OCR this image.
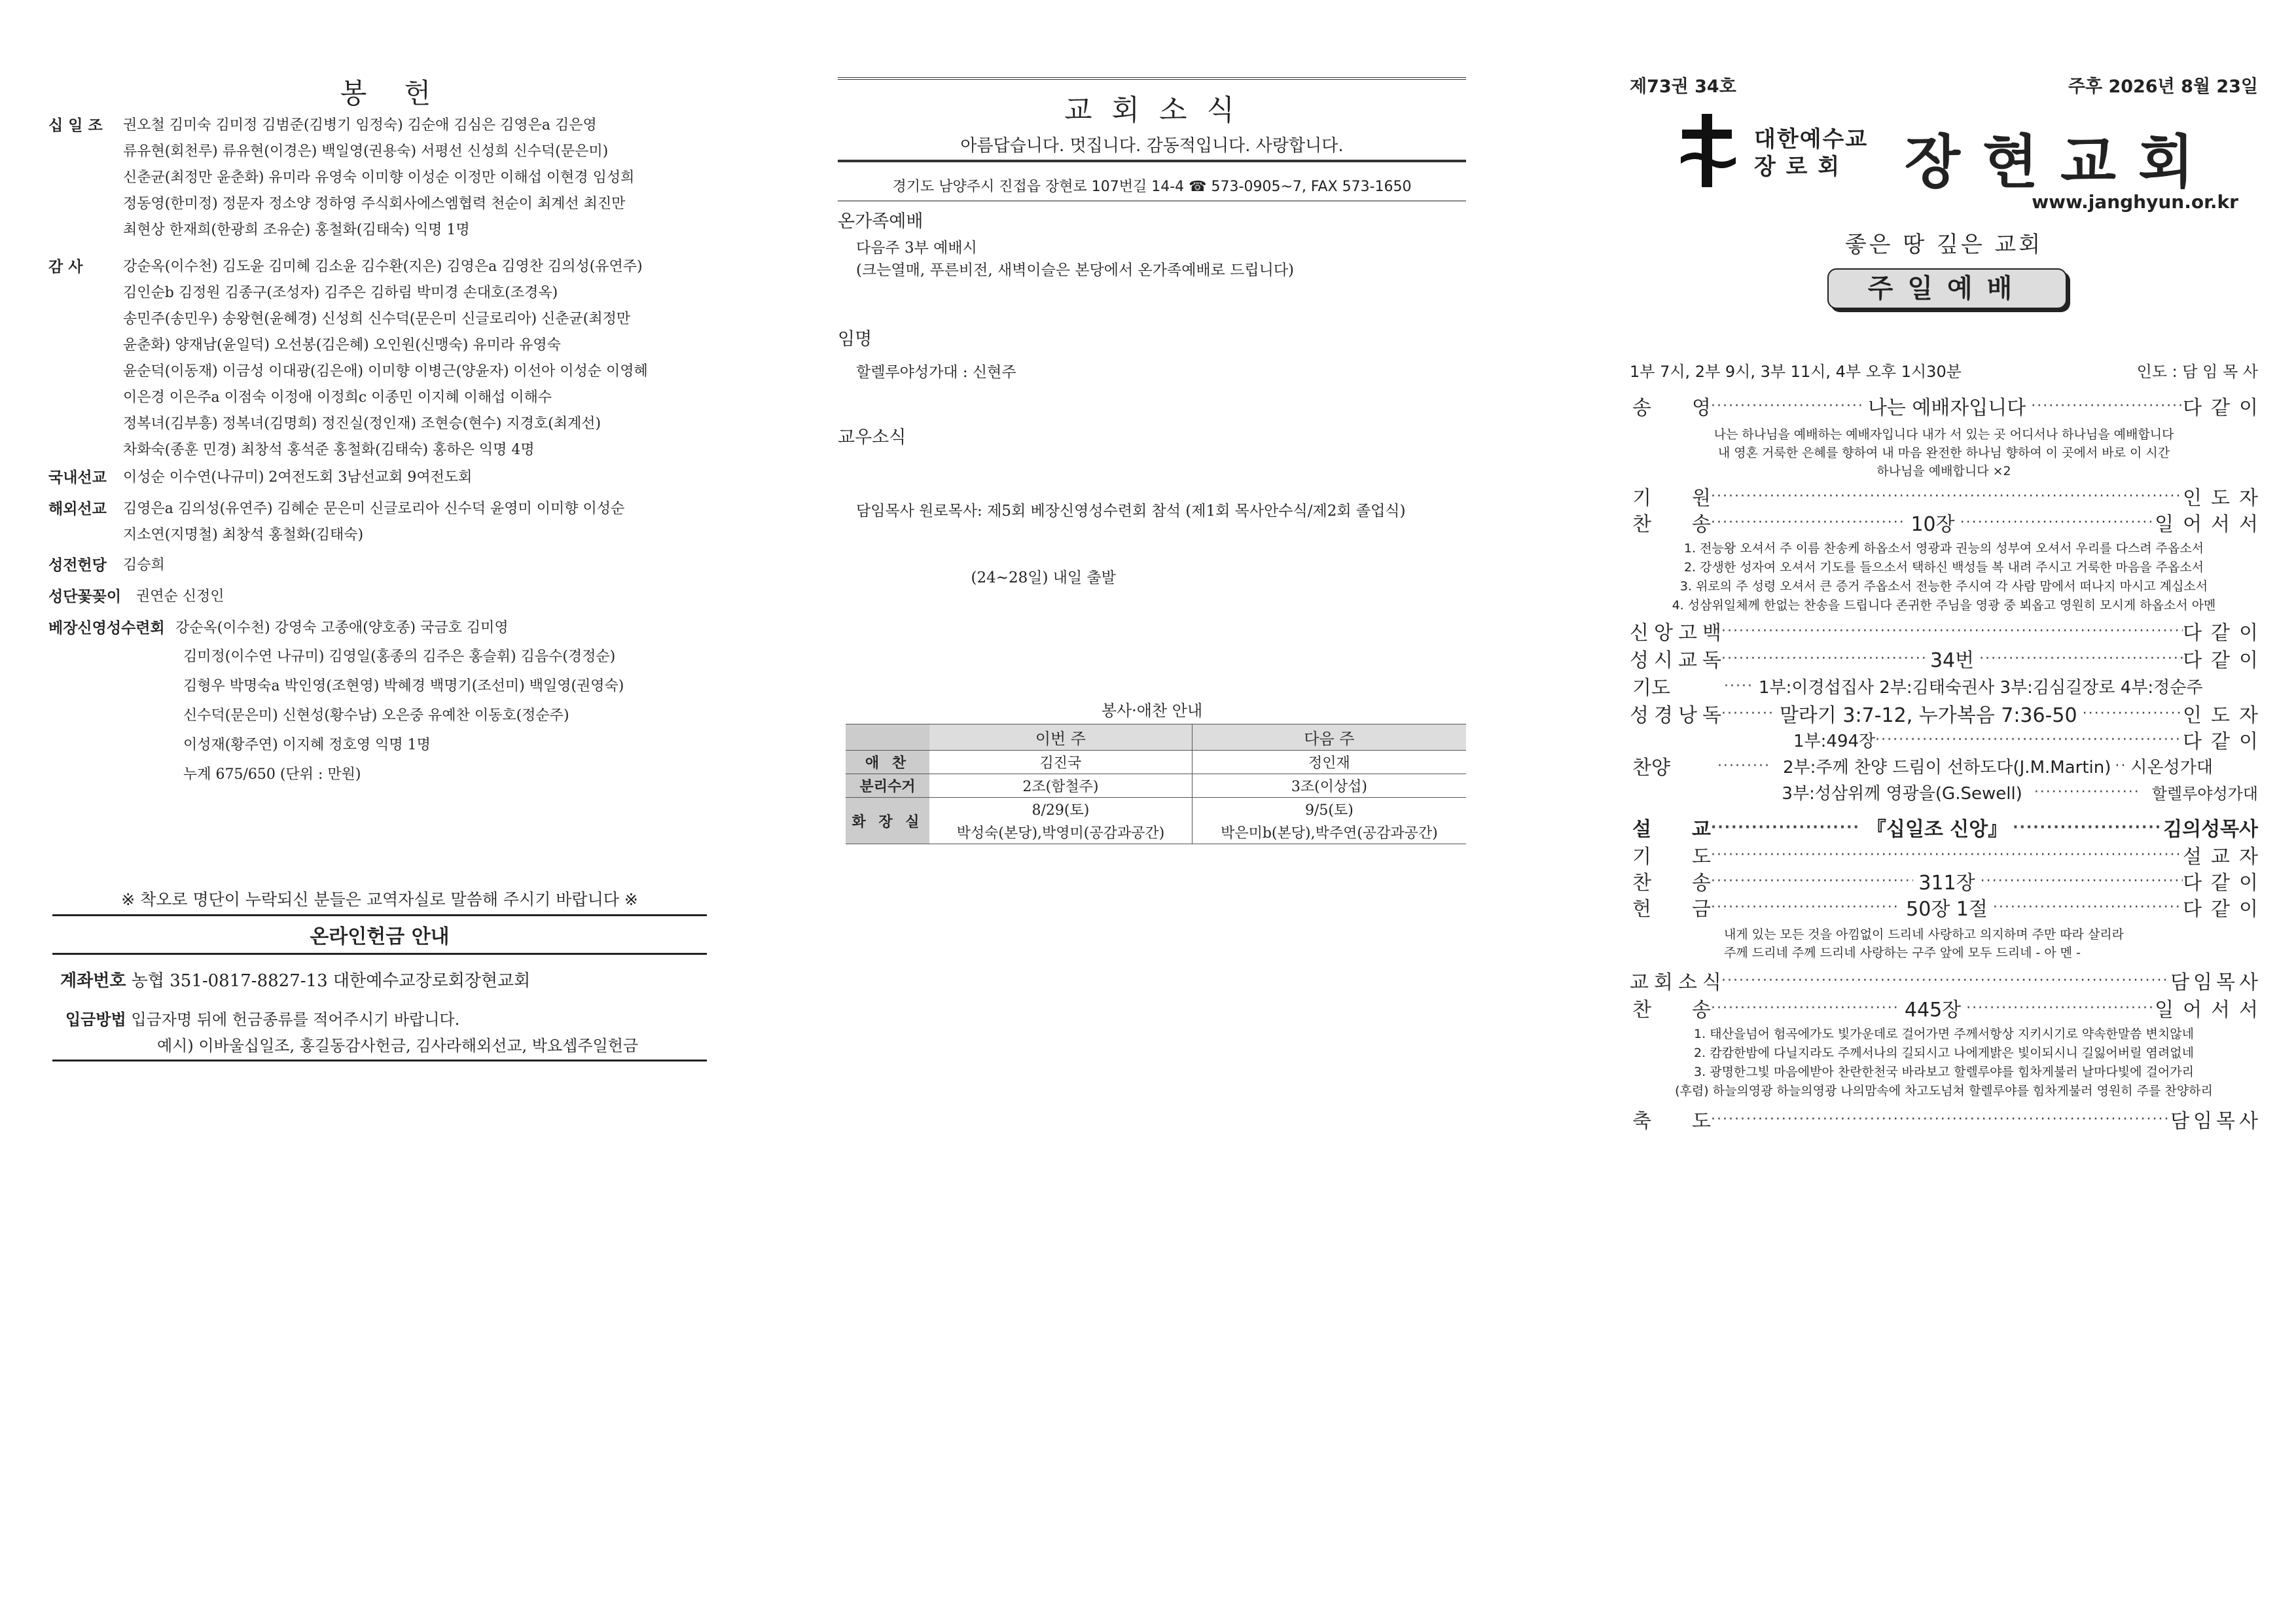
봉 헌
십 일 조 권오철 김미숙 김미정 김범준(김병기 임정숙) 김순애 김심은 김영은a 김은영
류유현(회천루) 류유현(이경은) 백일영(권용숙) 서평선 신성희 신수덕(문은미)
신춘균(최정만 윤춘화) 유미라 유영숙 이미향 이성순 이정만 이해섭 이현경 임성희
정동영(한미정) 정문자 정소양 정하영 주식회사에스엠협력 천순이 최계선 최진만
최현상 한재희(한광희 조유순) 홍철화(김태숙) 익명 1명
감 사	강순옥(이수천) 김도윤 김미혜 김소윤 김수환(지은) 김영은a 김영찬 김의성(유연주)
김인순b 김정원 김종구(조성자) 김주은 김하림 박미경 손대호(조경옥)
송민주(송민우) 송왕현(윤혜경) 신성희 신수덕(문은미 신글로리아) 신춘균(최정만
윤춘화) 양재남(윤일덕) 오선봉(김은혜) 오인원(신맹숙) 유미라 유영숙
윤순덕(이동재) 이금성 이대광(김은애) 이미향 이병근(양윤자) 이선아 이성순 이영혜
이은경 이은주a 이점숙 이정애 이정희c 이종민 이지혜 이해섭 이해수
정복녀(김부흥) 정복녀(김명희) 정진실(정인재) 조현승(현수) 지경호(최계선)
차화숙(종훈 민경) 최창석 홍석준 홍철화(김태숙) 홍하은 익명 4명
국내선교 이성순 이수연(나규미) 2여전도회 3남선교회 9여전도회
해외선교 김영은a 김의성(유연주) 김혜순 문은미 신글로리아 신수덕 윤영미 이미향 이성순
지소연(지명철) 최창석 홍철화(김태숙)
성전헌당 김승희
성단꽃꽂이 권연순 신정인
베장신영성수련회 강순옥(이수천) 강영숙 고종애(양호종) 국금호 김미영
김미정(이수연 나규미) 김영일(홍종의 김주은 홍슬휘) 김음수(경정순)
김형우 박명숙a 박인영(조현영) 박혜경 백명기(조선미) 백일영(권영숙)
신수덕(문은미) 신현성(황수남) 오은중 유예찬 이동호(정순주)
이성재(황주연) 이지혜 정호영 익명 1명
누계 675/650 (단위 : 만원)
※ 착오로 명단이 누락되신 분들은 교역자실로 말씀해 주시기 바랍니다 ※
온라인헌금 안내
계좌번호 농협 351-0817-8827-13 대한예수교장로회장현교회
입금방법 입금자명 뒤에 헌금종류를 적어주시기 바랍니다.
예시) 이바울십일조, 홍길동감사헌금, 김사라해외선교, 박요셉주일헌금
교 회 소 식
아름답습니다. 멋집니다. 감동적입니다. 사랑합니다.
경기도 남양주시 진접읍 장현로 107번길 14-4 ☎ 573-0905~7, FAX 573-1650
온가족예배
다음주 3부 예배시
(크는열매, 푸른비전, 새벽이슬은 본당에서 온가족예배로 드립니다)
임명
할렐루야성가대 : 신현주
교우소식

담임목사 원로목사: 제5회 베장신영성수련회 참석 (제1회 목사안수식/제2회 졸업식)

(24~28일) 내일 출발

봉사·애찬 안내
	이번 주	다음 주
애 찬	김진국	정인재
분리수거	2조(함철주)	3조(이상섭)
화 장 실	8/29(토)	9/5(토)
	박성숙(본당),박영미(공감과공간)	박은미b(본당),박주연(공감과공간)
제73권 34호	주후 2026년 8월 23일
대한예수교
장 로 회	장현교회
www.janghyun.or.kr
좋은 땅 깊은 교회
주일예배
1부 7시, 2부 9시, 3부 11시, 4부 오후 1시30분	인도 : 담 임 목 사
송 영 ·····	나는 예배자입니다 ·····	다같이
나는 하나님을 예배하는 예배자입니다 내가 서 있는 곳 어디서나 하나님을 예배합니다
내 영혼 거룩한 은혜를 향하여 내 마음 완전한 하나님 향하여 이 곳에서 바로 이 시간
하나님을 예배합니다 ×2
기 원 ·····	인도자
찬 송 ·····	10장 ·····	일어서서
1. 전능왕 오셔서 주 이름 찬송케 하옵소서 영광과 권능의 성부여 오셔서 우리를 다스려 주옵소서
2. 강생한 성자여 오셔서 기도를 들으소서 택하신 백성들 복 내려 주시고 거룩한 마음을 주옵소서
3. 위로의 주 성령 오셔서 큰 증거 주옵소서 전능한 주시여 각 사람 맘에서 떠나지 마시고 계십소서
4. 성삼위일체께 한없는 찬송을 드립니다 존귀한 주님을 영광 중 뵈옵고 영원히 모시게 하옵소서 아멘
신 앙 고 백 ·····	다같이
성 시 교 독 ·····	34번 ·····	다같이
기도	····· 1부:이경섭집사 2부:김태숙권사 3부:김심길장로 4부:정순주
성 경 낭 독 ········· 말라기 3:7-12, 누가복음 7:36-50 ·····	인도자
1부:494장 ·····	다같이
찬양	········· 2부:주께 찬양 드림이 선하도다(J.M.Martin) ·· 시온성가대
3부:성삼위께 영광을(G.Sewell) ·················· 할렐루야성가대
설 교 ·····	『십일조 신앙』 ·····	김의성목사
기 도 ·····	설교자
찬 송 ·····	311장 ·····	다같이
헌 금 ·····	50장 1절 ·····	다같이
내게 있는 모든 것을 아낌없이 드리네 사랑하고 의지하며 주만 따라 살리라
주께 드리네 주께 드리네 사랑하는 구주 앞에 모두 드리네 - 아 멘 -
교 회 소 식 ·····	담임목사
찬 송 ·····	445장 ·····	일어서서
1. 태산을넘어 험곡에가도 빛가운데로 걸어가면 주께서항상 지키시기로 약속한말씀 변치않네
2. 캄캄한밤에 다닐지라도 주께서나의 길되시고 나에게밝은 빛이되시니 길잃어버릴 염려없네
3. 광명한그빛 마음에받아 찬란한천국 바라보고 할렐루야를 힘차게불러 날마다빛에 걸어가리
(후렴) 하늘의영광 하늘의영광 나의맘속에 차고도넘쳐 할렐루야를 힘차게불러 영원히 주를 찬양하리
축 도 ·····	담임목사
